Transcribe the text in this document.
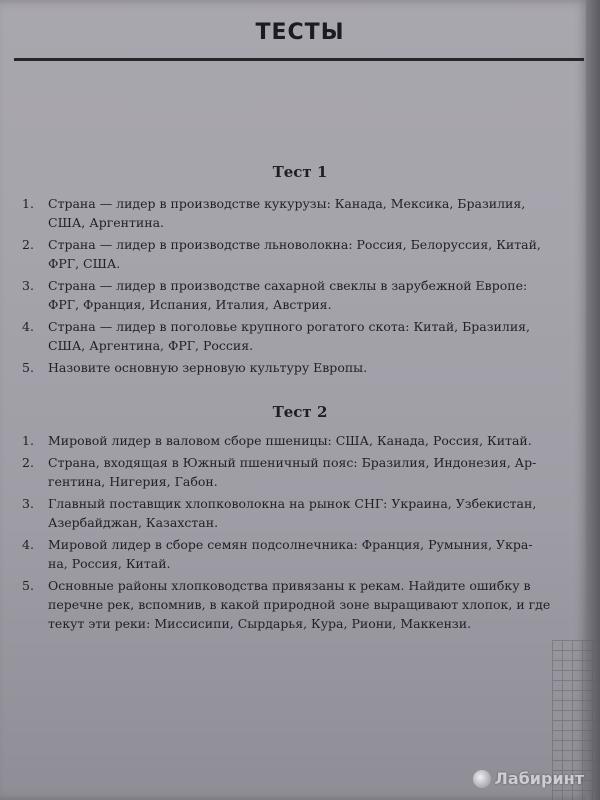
ТЕСТЫ
Тест 1
1.	Страна — лидер в производстве кукурузы: Канада, Мексика, Бразилия,
США, Аргентина.
2.	Страна — лидер в производстве льноволокна: Россия, Белоруссия, Китай,
ФРГ, США.
3.	Страна — лидер в производстве сахарной свеклы в зарубежной Европе:
ФРГ, Франция, Испания, Италия, Австрия.
4.	Страна — лидер в поголовье крупного рогатого скота: Китай, Бразилия,
США, Аргентина, ФРГ, Россия.
5.	Назовите основную зерновую культуру Европы.
Тест 2
1.	Мировой лидер в валовом сборе пшеницы: США, Канада, Россия, Китай.
2.	Страна, входящая в Южный пшеничный пояс: Бразилия, Индонезия, Ар-
гентина, Нигерия, Габон.
3.	Главный поставщик хлопковолокна на рынок СНГ: Украина, Узбекистан,
Азербайджан, Казахстан.
4.	Мировой лидер в сборе семян подсолнечника: Франция, Румыния, Укра-
на, Россия, Китай.
5.	Основные районы хлопководства привязаны к рекам. Найдите ошибку в
перечне рек, вспомнив, в какой природной зоне выращивают хлопок, и где
текут эти реки: Миссисипи, Сырдарья, Кура, Риони, Маккензи.
Лабиринт
